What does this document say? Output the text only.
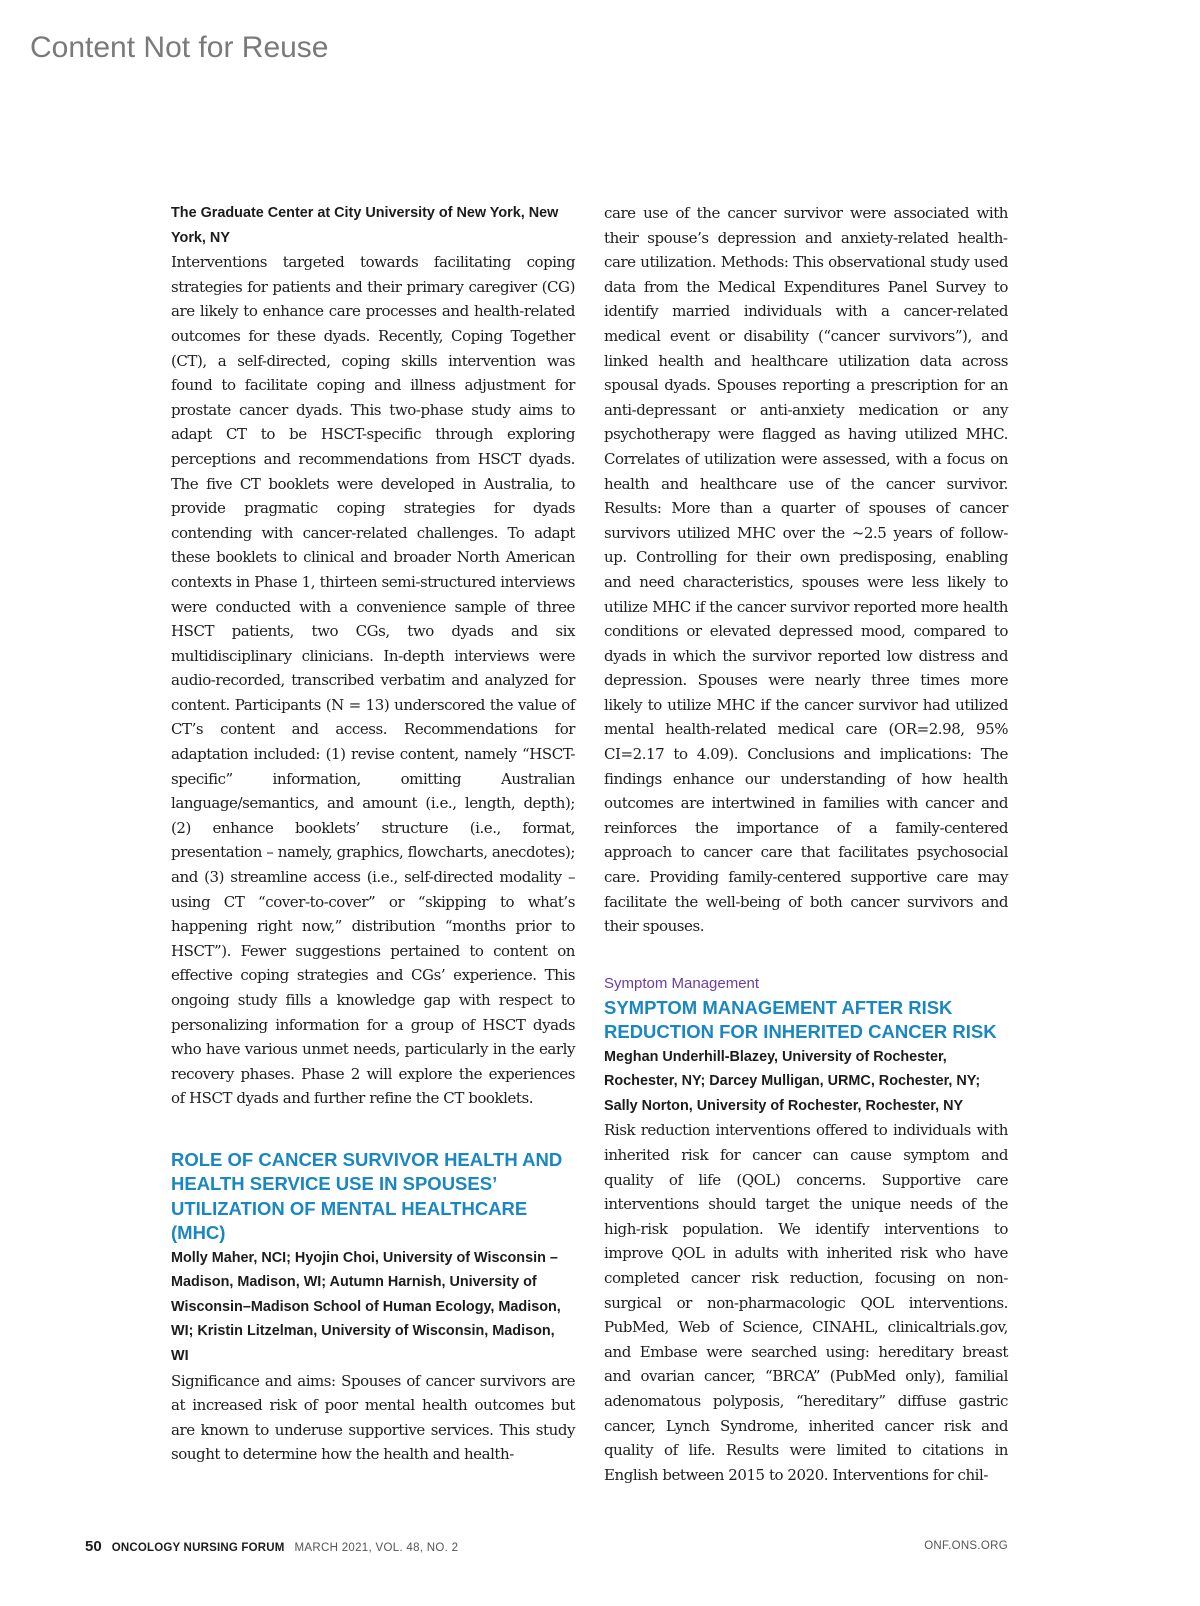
Content Not for Reuse

The Graduate Center at City University of New York, New York, NY

Interventions targeted towards facilitating coping strategies for patients and their primary caregiver (CG) are likely to enhance care processes and health-related outcomes for these dyads. Recently, Coping Together (CT), a self-directed, coping skills intervention was found to facilitate coping and illness adjustment for prostate cancer dyads. This two-phase study aims to adapt CT to be HSCT-specific through exploring perceptions and recommendations from HSCT dyads. The five CT booklets were developed in Australia, to provide pragmatic coping strategies for dyads contending with cancer-related challenges. To adapt these booklets to clinical and broader North American contexts in Phase 1, thirteen semi-structured interviews were conducted with a convenience sample of three HSCT patients, two CGs, two dyads and six multidisciplinary clinicians. In-depth interviews were audio-recorded, transcribed verbatim and analyzed for content. Participants (N = 13) underscored the value of CT’s content and access. Recommendations for adaptation included: (1) revise content, namely “HSCT-specific” information, omitting Australian language/semantics, and amount (i.e., length, depth); (2) enhance booklets’ structure (i.e., format, presentation – namely, graphics, flowcharts, anecdotes); and (3) streamline access (i.e., self-directed modality – using CT “cover-to-cover” or “skipping to what’s happening right now,” distribution “months prior to HSCT”). Fewer suggestions pertained to content on effective coping strategies and CGs’ experience. This ongoing study fills a knowledge gap with respect to personalizing information for a group of HSCT dyads who have various unmet needs, particularly in the early recovery phases. Phase 2 will explore the experiences of HSCT dyads and further refine the CT booklets.

ROLE OF CANCER SURVIVOR HEALTH AND HEALTH SERVICE USE IN SPOUSES’ UTILIZATION OF MENTAL HEALTHCARE (MHC)

Molly Maher, NCI; Hyojin Choi, University of Wisconsin – Madison, Madison, WI; Autumn Harnish, University of Wisconsin–Madison School of Human Ecology, Madison, WI; Kristin Litzelman, University of Wisconsin, Madison, WI

Significance and aims: Spouses of cancer survivors are at increased risk of poor mental health outcomes but are known to underuse supportive services. This study sought to determine how the health and health-

care use of the cancer survivor were associated with their spouse’s depression and anxiety-related healthcare utilization. Methods: This observational study used data from the Medical Expenditures Panel Survey to identify married individuals with a cancer-related medical event or disability (“cancer survivors”), and linked health and healthcare utilization data across spousal dyads. Spouses reporting a prescription for an anti-depressant or anti-anxiety medication or any psychotherapy were flagged as having utilized MHC. Correlates of utilization were assessed, with a focus on health and healthcare use of the cancer survivor. Results: More than a quarter of spouses of cancer survivors utilized MHC over the ~2.5 years of follow-up. Controlling for their own predisposing, enabling and need characteristics, spouses were less likely to utilize MHC if the cancer survivor reported more health conditions or elevated depressed mood, compared to dyads in which the survivor reported low distress and depression. Spouses were nearly three times more likely to utilize MHC if the cancer survivor had utilized mental health-related medical care (OR=2.98, 95% CI=2.17 to 4.09). Conclusions and implications: The findings enhance our understanding of how health outcomes are intertwined in families with cancer and reinforces the importance of a family-centered approach to cancer care that facilitates psychosocial care. Providing family-centered supportive care may facilitate the well-being of both cancer survivors and their spouses.

Symptom Management

SYMPTOM MANAGEMENT AFTER RISK REDUCTION FOR INHERITED CANCER RISK

Meghan Underhill-Blazey, University of Rochester, Rochester, NY; Darcey Mulligan, URMC, Rochester, NY; Sally Norton, University of Rochester, Rochester, NY

Risk reduction interventions offered to individuals with inherited risk for cancer can cause symptom and quality of life (QOL) concerns. Supportive care interventions should target the unique needs of the high-risk population. We identify interventions to improve QOL in adults with inherited risk who have completed cancer risk reduction, focusing on non-surgical or non-pharmacologic QOL interventions. PubMed, Web of Science, CINAHL, clinicaltrials.gov, and Embase were searched using: hereditary breast and ovarian cancer, “BRCA” (PubMed only), familial adenomatous polyposis, “hereditary” diffuse gastric cancer, Lynch Syndrome, inherited cancer risk and quality of life. Results were limited to citations in English between 2015 to 2020. Interventions for chil-

50 ONCOLOGY NURSING FORUM MARCH 2021, VOL. 48, NO. 2	ONF.ONS.ORG
